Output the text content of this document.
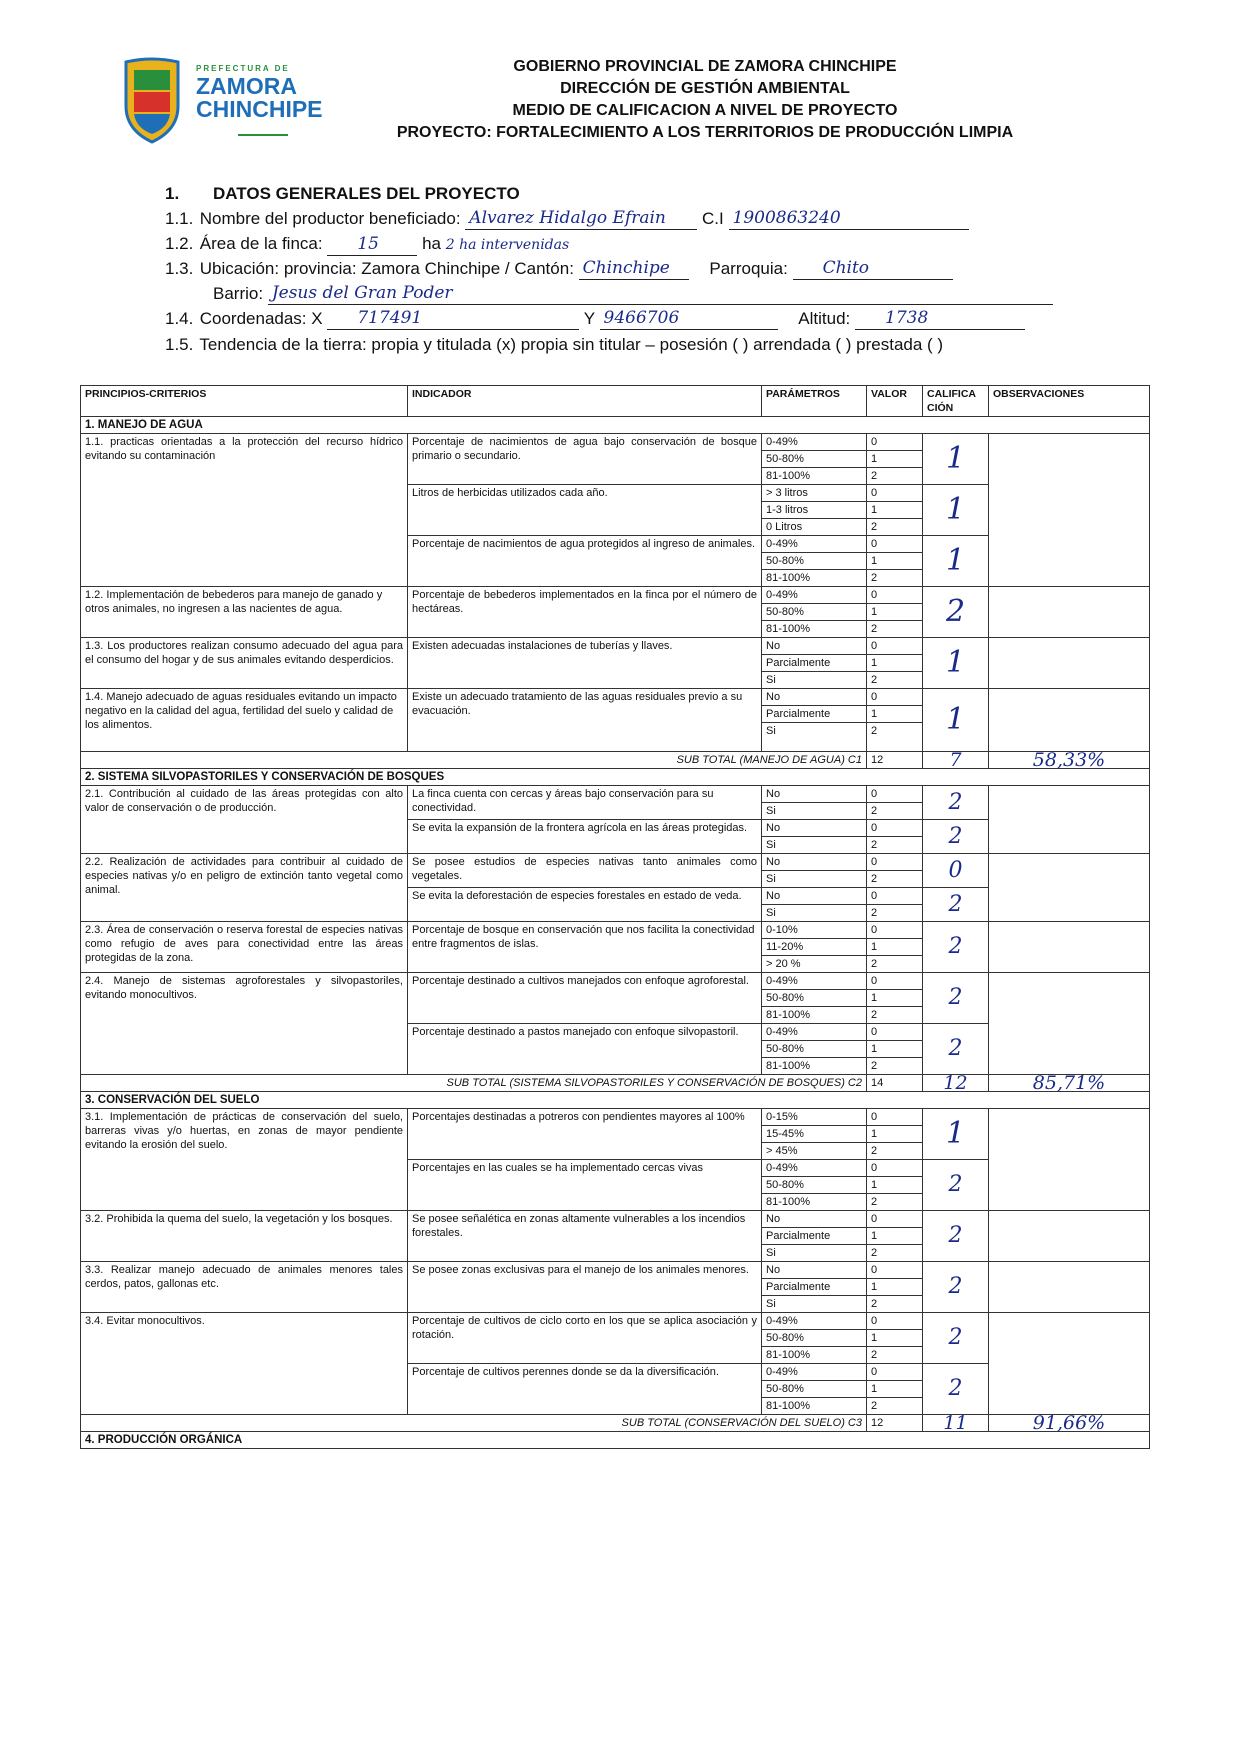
PREFECTURA DE
ZAMORA
CHINCHIPE
GOBIERNO PROVINCIAL DE ZAMORA CHINCHIPE
DIRECCIÓN DE GESTIÓN AMBIENTAL
MEDIO DE CALIFICACION A NIVEL DE PROYECTO
PROYECTO: FORTALECIMIENTO A LOS TERRITORIOS DE PRODUCCIÓN LIMPIA
1. DATOS GENERALES DEL PROYECTO
1.1. Nombre del productor beneficiado: Alvarez Hidalgo Efrain C.I 1900863240
1.2. Área de la finca: 15	ha 2 ha intervenidas
1.3. Ubicación: provincia: Zamora Chinchipe / Cantón: Chinchipe Parroquia: Chito
Barrio: Jesus del Gran Poder
1.4. Coordenadas: X 717491	Y 9466706	Altitud: 1738
1.5. Tendencia de la tierra: propia y titulada (x) propia sin titular – posesión ( ) arrendada ( ) prestada ( )
PRINCIPIOS-CRITERIOS	INDICADOR	PARÁMETROS	VALOR	CALIFICA CIÓN	OBSERVACIONES
1. MANEJO DE AGUA					
1.1. practicas orientadas a la protección del recurso hídrico evitando su contaminación	Porcentaje de nacimientos de agua bajo conservación de bosque primario o secundario.	0-49%	0	1	
		50-80%	1		
		81-100%	2		
	Litros de herbicidas utilizados cada año.	> 3 litros	0	1	
		1-3 litros	1		
		0 Litros	2		
	Porcentaje de nacimientos de agua protegidos al ingreso de animales.	0-49%	0	1	
		50-80%	1		
		81-100%	2		
1.2. Implementación de bebederos para manejo de ganado y otros animales, no ingresen a las nacientes de agua.	Porcentaje de bebederos implementados en la finca por el número de hectáreas.	0-49%	0	2	
		50-80%	1		
		81-100%	2		
1.3. Los productores realizan consumo adecuado del agua para el consumo del hogar y de sus animales evitando desperdicios.	Existen adecuadas instalaciones de tuberías y llaves.	No	0	1	
		Parcialmente	1		
		Si	2		
1.4. Manejo adecuado de aguas residuales evitando un impacto negativo en la calidad del agua, fertilidad del suelo y calidad de los alimentos.	Existe un adecuado tratamiento de las aguas residuales previo a su evacuación.	No	0	1	
		Parcialmente	1		
		Si	2		
SUB TOTAL (MANEJO DE AGUA) C1			12	7	58,33%
2. SISTEMA SILVOPASTORILES Y CONSERVACIÓN DE BOSQUES					
2.1. Contribución al cuidado de las áreas protegidas con alto valor de conservación o de producción.	La finca cuenta con cercas y áreas bajo conservación para su conectividad.	No	0	2	
		Si	2		
	Se evita la expansión de la frontera agrícola en las áreas protegidas.	No	0	2	
		Si	2		
2.2. Realización de actividades para contribuir al cuidado de especies nativas y/o en peligro de extinción tanto vegetal como animal.	Se posee estudios de especies nativas tanto animales como vegetales.	No	0	0	
		Si	2		
	Se evita la deforestación de especies forestales en estado de veda.	No	0	2	
		Si	2		
2.3. Área de conservación o reserva forestal de especies nativas como refugio de aves para conectividad entre las áreas protegidas de la zona.	Porcentaje de bosque en conservación que nos facilita la conectividad entre fragmentos de islas.	0-10%	0	2	
		11-20%	1		
		> 20 %	2		
2.4. Manejo de sistemas agroforestales y silvopastoriles, evitando monocultivos.	Porcentaje destinado a cultivos manejados con enfoque agroforestal.	0-49%	0	2	
		50-80%	1		
		81-100%	2		
	Porcentaje destinado a pastos manejado con enfoque silvopastoril.	0-49%	0	2	
		50-80%	1		
		81-100%	2		
SUB TOTAL (SISTEMA SILVOPASTORILES Y CONSERVACIÓN DE BOSQUES) C2			14	12	85,71%
3. CONSERVACIÓN DEL SUELO					
3.1. Implementación de prácticas de conservación del suelo, barreras vivas y/o huertas, en zonas de mayor pendiente evitando la erosión del suelo.	Porcentajes destinadas a potreros con pendientes mayores al 100%	0-15%	0	1	
		15-45%	1		
		> 45%	2		
	Porcentajes en las cuales se ha implementado cercas vivas	0-49%	0	2	
		50-80%	1		
		81-100%	2		
3.2. Prohibida la quema del suelo, la vegetación y los bosques.	Se posee señalética en zonas altamente vulnerables a los incendios forestales.	No	0	2	
		Parcialmente	1		
		Si	2		
3.3. Realizar manejo adecuado de animales menores tales cerdos, patos, gallonas etc.	Se posee zonas exclusivas para el manejo de los animales menores.	No	0	2	
		Parcialmente	1		
		Si	2		
3.4. Evitar monocultivos.	Porcentaje de cultivos de ciclo corto en los que se aplica asociación y rotación.	0-49%	0	2	
		50-80%	1		
		81-100%	2		
	Porcentaje de cultivos perennes donde se da la diversificación.	0-49%	0	2	
		50-80%	1		
		81-100%	2		
SUB TOTAL (CONSERVACIÓN DEL SUELO) C3			12	11	91,66%
4. PRODUCCIÓN ORGÁNICA					
